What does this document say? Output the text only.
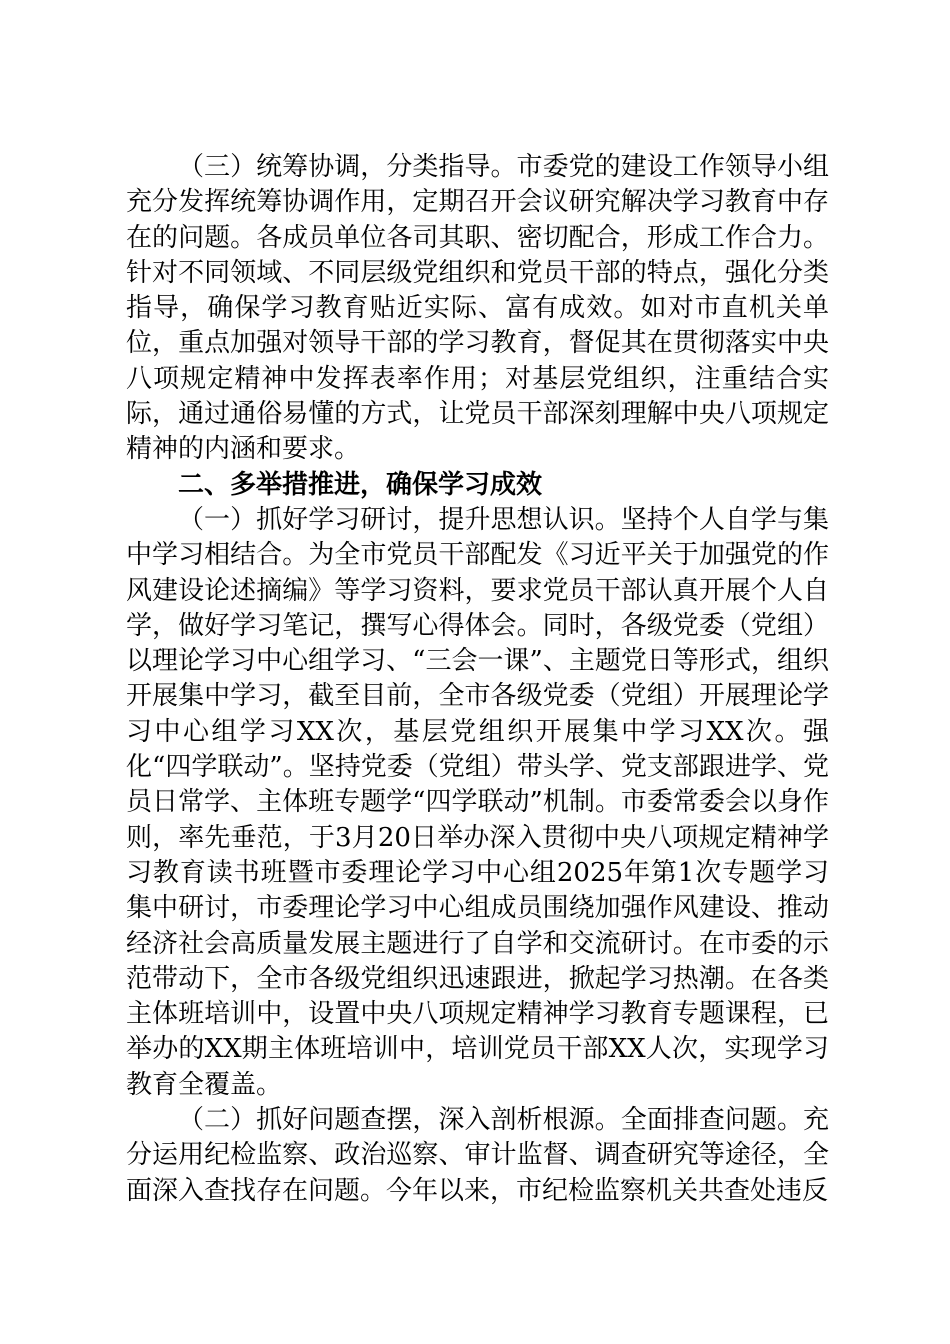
（三）统筹协调，分类指导。市委党的建设工作领导小组充分发挥统筹协调作用，定期召开会议研究解决学习教育中存在的问题。各成员单位各司其职、密切配合，形成工作合力。针对不同领域、不同层级党组织和党员干部的特点，强化分类指导，确保学习教育贴近实际、富有成效。如对市直机关单位，重点加强对领导干部的学习教育，督促其在贯彻落实中央八项规定精神中发挥表率作用；对基层党组织，注重结合实际，通过通俗易懂的方式，让党员干部深刻理解中央八项规定精神的内涵和要求。

二、多举措推进，确保学习成效

（一）抓好学习研讨，提升思想认识。坚持个人自学与集中学习相结合。为全市党员干部配发《习近平关于加强党的作风建设论述摘编》等学习资料，要求党员干部认真开展个人自学，做好学习笔记，撰写心得体会。同时，各级党委（党组）以理论学习中心组学习、“三会一课”、主题党日等形式，组织开展集中学习，截至目前，全市各级党委（党组）开展理论学习中心组学习XX次，基层党组织开展集中学习XX次。强化“四学联动”。坚持党委（党组）带头学、党支部跟进学、党员日常学、主体班专题学“四学联动”机制。市委常委会以身作则，率先垂范，于3月20日举办深入贯彻中央八项规定精神学习教育读书班暨市委理论学习中心组2025年第1次专题学习集中研讨，市委理论学习中心组成员围绕加强作风建设、推动经济社会高质量发展主题进行了自学和交流研讨。在市委的示范带动下，全市各级党组织迅速跟进，掀起学习热潮。在各类主体班培训中，设置中央八项规定精神学习教育专题课程，已举办的XX期主体班培训中，培训党员干部XX人次，实现学习教育全覆盖。

（二）抓好问题查摆，深入剖析根源。全面排查问题。充分运用纪检监察、政治巡察、审计监督、调查研究等途径，全面深入查找存在问题。今年以来，市纪检监察机关共查处违反
